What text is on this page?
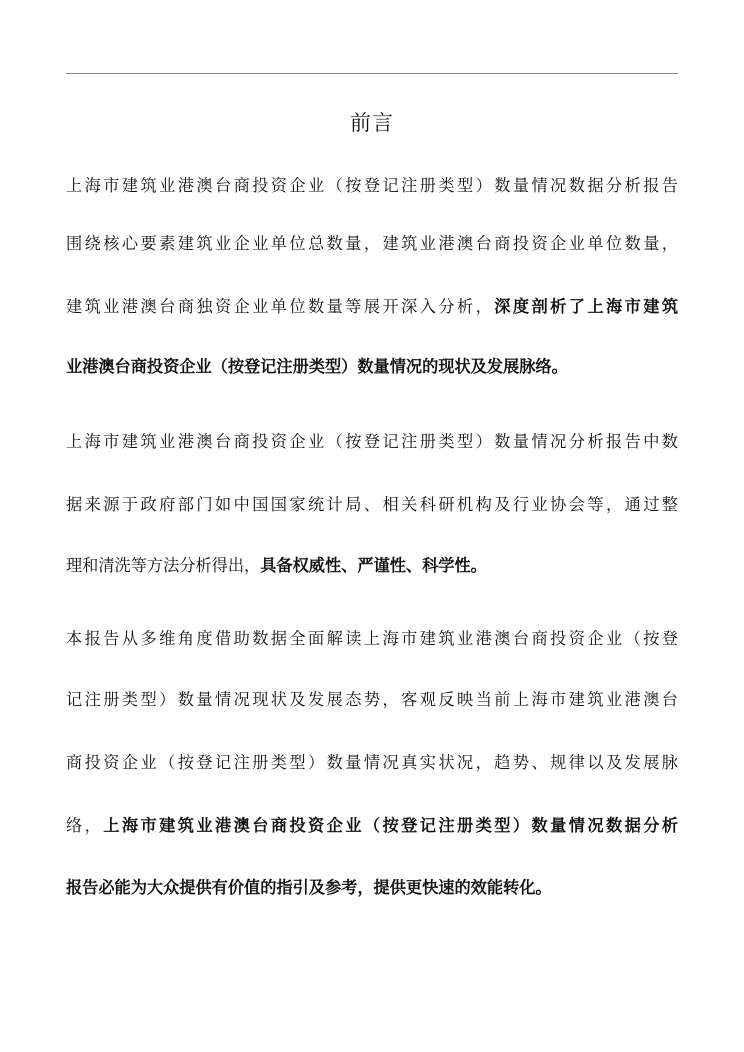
前言
上海市建筑业港澳台商投资企业（按登记注册类型）数量情况数据分析报告
围绕核心要素建筑业企业单位总数量，建筑业港澳台商投资企业单位数量，
建筑业港澳台商独资企业单位数量等展开深入分析，深度剖析了上海市建筑
业港澳台商投资企业（按登记注册类型）数量情况的现状及发展脉络。
上海市建筑业港澳台商投资企业（按登记注册类型）数量情况分析报告中数
据来源于政府部门如中国国家统计局、相关科研机构及行业协会等，通过整
理和清洗等方法分析得出，具备权威性、严谨性、科学性。
本报告从多维角度借助数据全面解读上海市建筑业港澳台商投资企业（按登
记注册类型）数量情况现状及发展态势，客观反映当前上海市建筑业港澳台
商投资企业（按登记注册类型）数量情况真实状况，趋势、规律以及发展脉
络，上海市建筑业港澳台商投资企业（按登记注册类型）数量情况数据分析
报告必能为大众提供有价值的指引及参考，提供更快速的效能转化。
